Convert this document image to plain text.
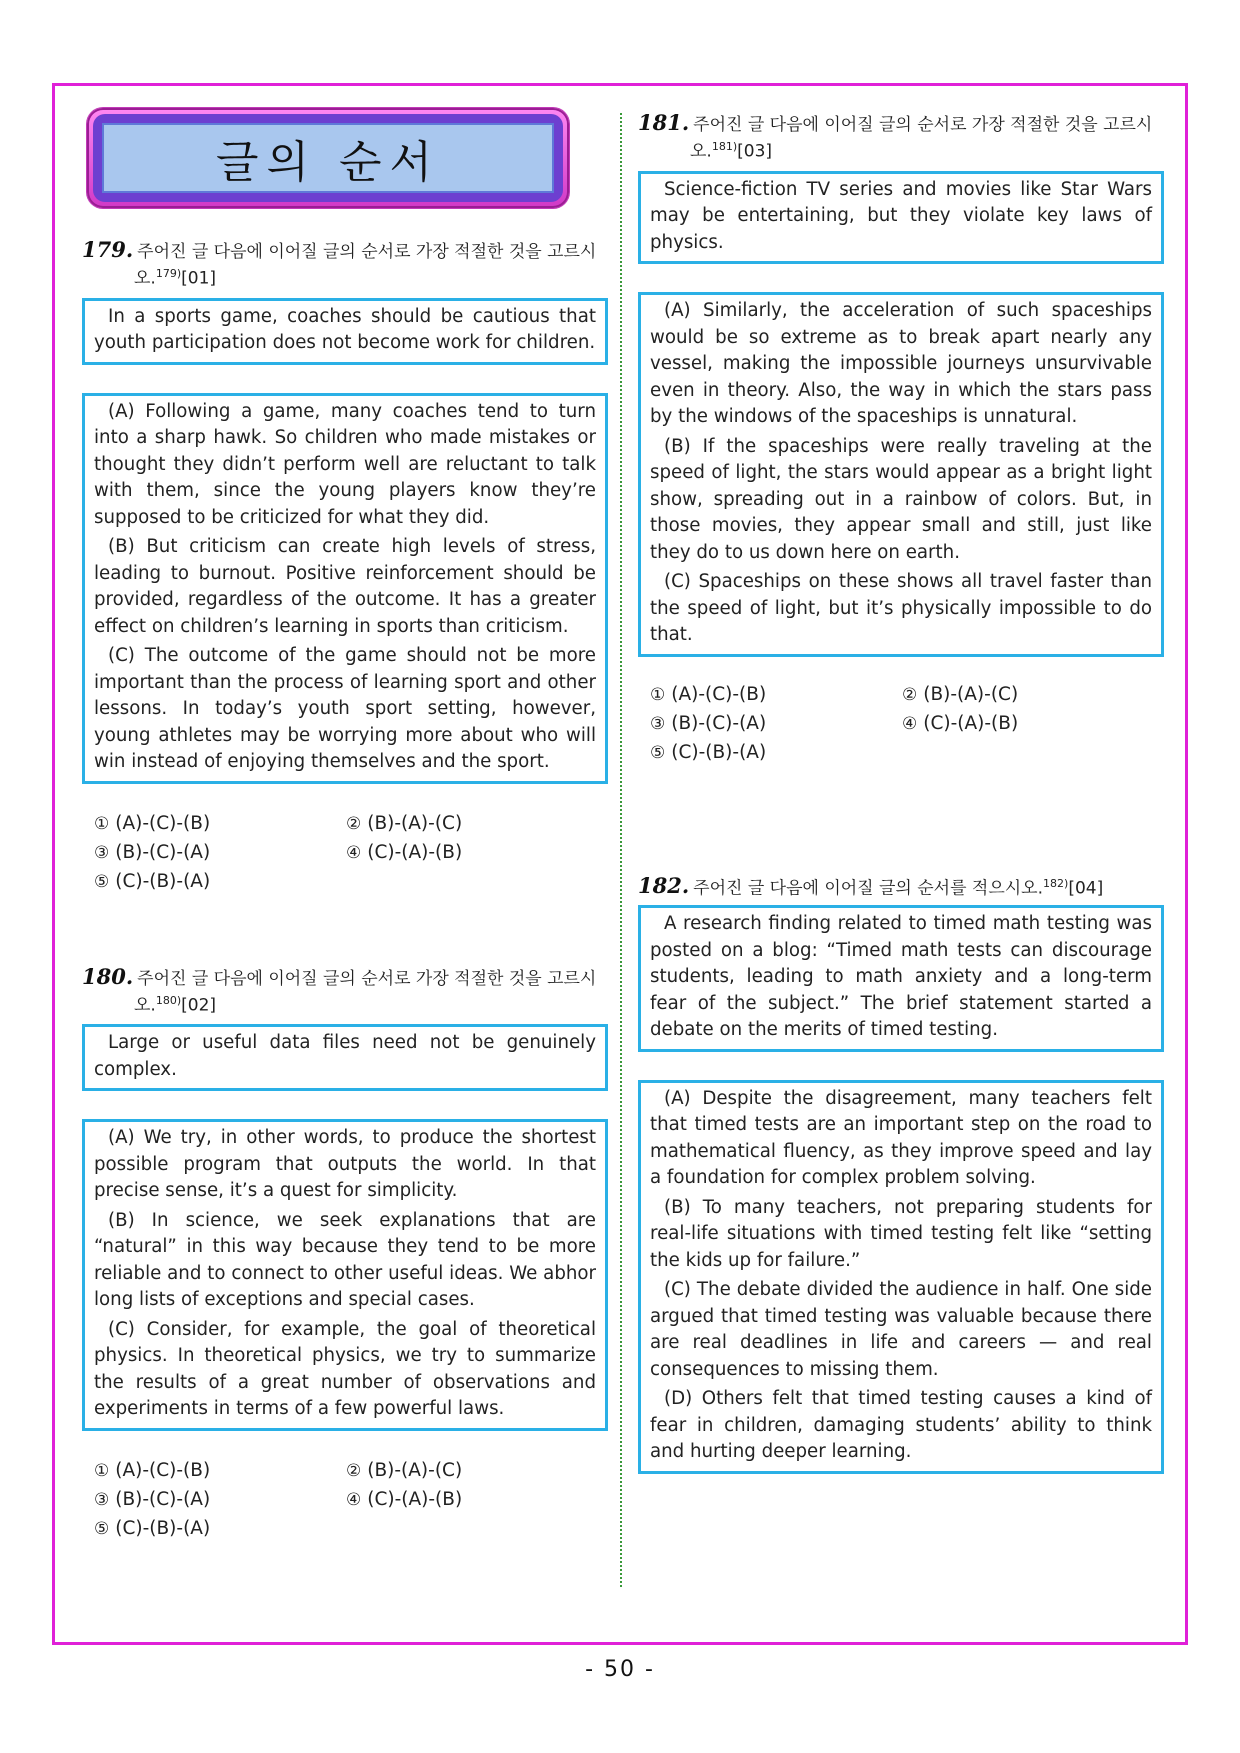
글의 순서
179. 주어진 글 다음에 이어질 글의 순서로 가장 적절한 것을 고르시
오.$^{179)}$[01]

In a sports game, coaches should be cautious that youth participation does not become work for children.

(A) Following a game, many coaches tend to turn into a sharp hawk. So children who made mistakes or thought they didn’t perform well are reluctant to talk with them, since the young players know they’re supposed to be criticized for what they did.

(B) But criticism can create high levels of stress, leading to burnout. Positive reinforcement should be provided, regardless of the outcome. It has a greater effect on children’s learning in sports than criticism.

(C) The outcome of the game should not be more important than the process of learning sport and other lessons. In today’s youth sport setting, however, young athletes may be worrying more about who will win instead of enjoying themselves and the sport.

① (A)-(C)-(B)	② (B)-(A)-(C)
③ (B)-(C)-(A)	④ (C)-(A)-(B)
⑤ (C)-(B)-(A)
180. 주어진 글 다음에 이어질 글의 순서로 가장 적절한 것을 고르시
오.$^{180)}$[02]

Large or useful data files need not be genuinely complex.

(A) We try, in other words, to produce the shortest possible program that outputs the world. In that precise sense, it’s a quest for simplicity.

(B) In science, we seek explanations that are “natural” in this way because they tend to be more reliable and to connect to other useful ideas. We abhor long lists of exceptions and special cases.

(C) Consider, for example, the goal of theoretical physics. In theoretical physics, we try to summarize the results of a great number of observations and experiments in terms of a few powerful laws.

① (A)-(C)-(B)	② (B)-(A)-(C)
③ (B)-(C)-(A)	④ (C)-(A)-(B)
⑤ (C)-(B)-(A)
181. 주어진 글 다음에 이어질 글의 순서로 가장 적절한 것을 고르시
오.$^{181)}$[03]

Science-fiction TV series and movies like Star Wars may be entertaining, but they violate key laws of physics.

(A) Similarly, the acceleration of such spaceships would be so extreme as to break apart nearly any vessel, making the impossible journeys unsurvivable even in theory. Also, the way in which the stars pass by the windows of the spaceships is unnatural.

(B) If the spaceships were really traveling at the speed of light, the stars would appear as a bright light show, spreading out in a rainbow of colors. But, in those movies, they appear small and still, just like they do to us down here on earth.

(C) Spaceships on these shows all travel faster than the speed of light, but it’s physically impossible to do that.

① (A)-(C)-(B)	② (B)-(A)-(C)
③ (B)-(C)-(A)	④ (C)-(A)-(B)
⑤ (C)-(B)-(A)
182. 주어진 글 다음에 이어질 글의 순서를 적으시오.$^{182)}$[04]

A research finding related to timed math testing was posted on a blog: “Timed math tests can discourage students, leading to math anxiety and a long-term fear of the subject.” The brief statement started a debate on the merits of timed testing.

(A) Despite the disagreement, many teachers felt that timed tests are an important step on the road to mathematical fluency, as they improve speed and lay a foundation for complex problem solving.

(B) To many teachers, not preparing students for real-life situations with timed testing felt like “setting the kids up for failure.”

(C) The debate divided the audience in half. One side argued that timed testing was valuable because there are real deadlines in life and careers — and real consequences to missing them.

(D) Others felt that timed testing causes a kind of fear in children, damaging students’ ability to think and hurting deeper learning.

- 50 -
